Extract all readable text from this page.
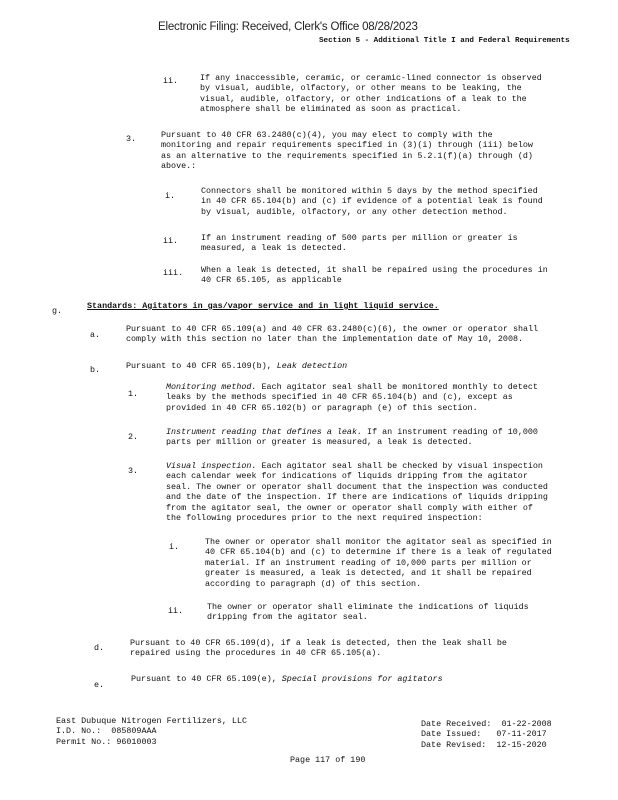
Electronic Filing: Received, Clerk's Office 08/28/2023
Section 5 - Additional Title I and Federal Requirements
ii.	If any inaccessible, ceramic, or ceramic-lined connector is observed
by visual, audible, olfactory, or other means to be leaking, the
visual, audible, olfactory, or other indications of a leak to the
atmosphere shall be eliminated as soon as practical.
3.	Pursuant to 40 CFR 63.2480(c)(4), you may elect to comply with the
monitoring and repair requirements specified in (3)(i) through (iii) below
as an alternative to the requirements specified in 5.2.1(f)(a) through (d)
above.:
i.	Connectors shall be monitored within 5 days by the method specified
in 40 CFR 65.104(b) and (c) if evidence of a potential leak is found
by visual, audible, olfactory, or any other detection method.
ii.	If an instrument reading of 500 parts per million or greater is
measured, a leak is detected.
iii. When a leak is detected, it shall be repaired using the procedures in
40 CFR 65.105, as applicable
g.	Standards: Agitators in gas/vapor service and in light liquid service.
a.
Pursuant to 40 CFR 65.109(a) and 40 CFR 63.2480(c)(6), the owner or operator shall
comply with this section no later than the implementation date of May 10, 2008.
b.	Pursuant to 40 CFR 65.109(b), Leak detection
1.
Monitoring method. Each agitator seal shall be monitored monthly to detect
leaks by the methods specified in 40 CFR 65.104(b) and (c), except as
provided in 40 CFR 65.102(b) or paragraph (e) of this section.
2.	Instrument reading that defines a leak. If an instrument reading of 10,000
parts per million or greater is measured, a leak is detected.
3.	Visual inspection. Each agitator seal shall be checked by visual inspection
each calendar week for indications of liquids dripping from the agitator
seal. The owner or operator shall document that the inspection was conducted
and the date of the inspection. If there are indications of liquids dripping
from the agitator seal, the owner or operator shall comply with either of
the following procedures prior to the next required inspection:
i.	The owner or operator shall monitor the agitator seal as specified in
40 CFR 65.104(b) and (c) to determine if there is a leak of regulated
material. If an instrument reading of 10,000 parts per million or
greater is measured, a leak is detected, and it shall be repaired
according to paragraph (d) of this section.
ii.	The owner or operator shall eliminate the indications of liquids
dripping from the agitator seal.
d.	Pursuant to 40 CFR 65.109(d), if a leak is detected, then the leak shall be
repaired using the procedures in 40 CFR 65.105(a).
e.
Pursuant to 40 CFR 65.109(e), Special provisions for agitators
East Dubuque Nitrogen Fertilizers, LLC
I.D. No.: 085809AAA
Permit No.: 96010003
Date Received: 01-22-2008
Date Issued: 07-11-2017
Date Revised: 12-15-2020
Page 117 of 190
